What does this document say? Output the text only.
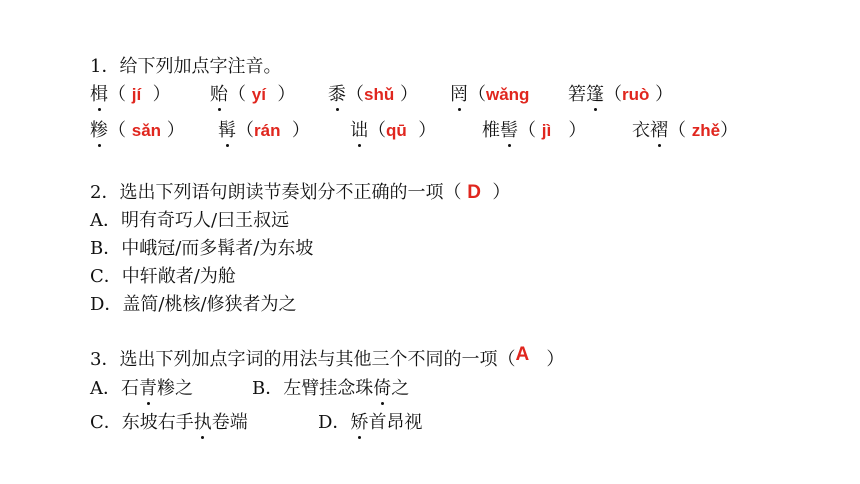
1．给下列加点字注音。
楫（ jí ） 贻（ yí ） 黍（shǔ ） 罔（wǎng 箬篷（ruò ）
糁（ sǎn ） 髯（rán ） 诎（qū ）	椎髻（ jì ）	衣褶（ zhě）
2．选出下列语句朗读节奏划分不正确的一项（ D ）
A．明有奇巧人/曰王叔远
B．中峨冠/而多髯者/为东坡
C．中轩敞者/为舱
D．盖简/桃核/修狭者为之
3．选出下列加点字词的用法与其他三个不同的一项（A ）
A．石青糁之	B．左臂挂念珠倚之
C．东坡右手执卷端	D．矫首昂视
